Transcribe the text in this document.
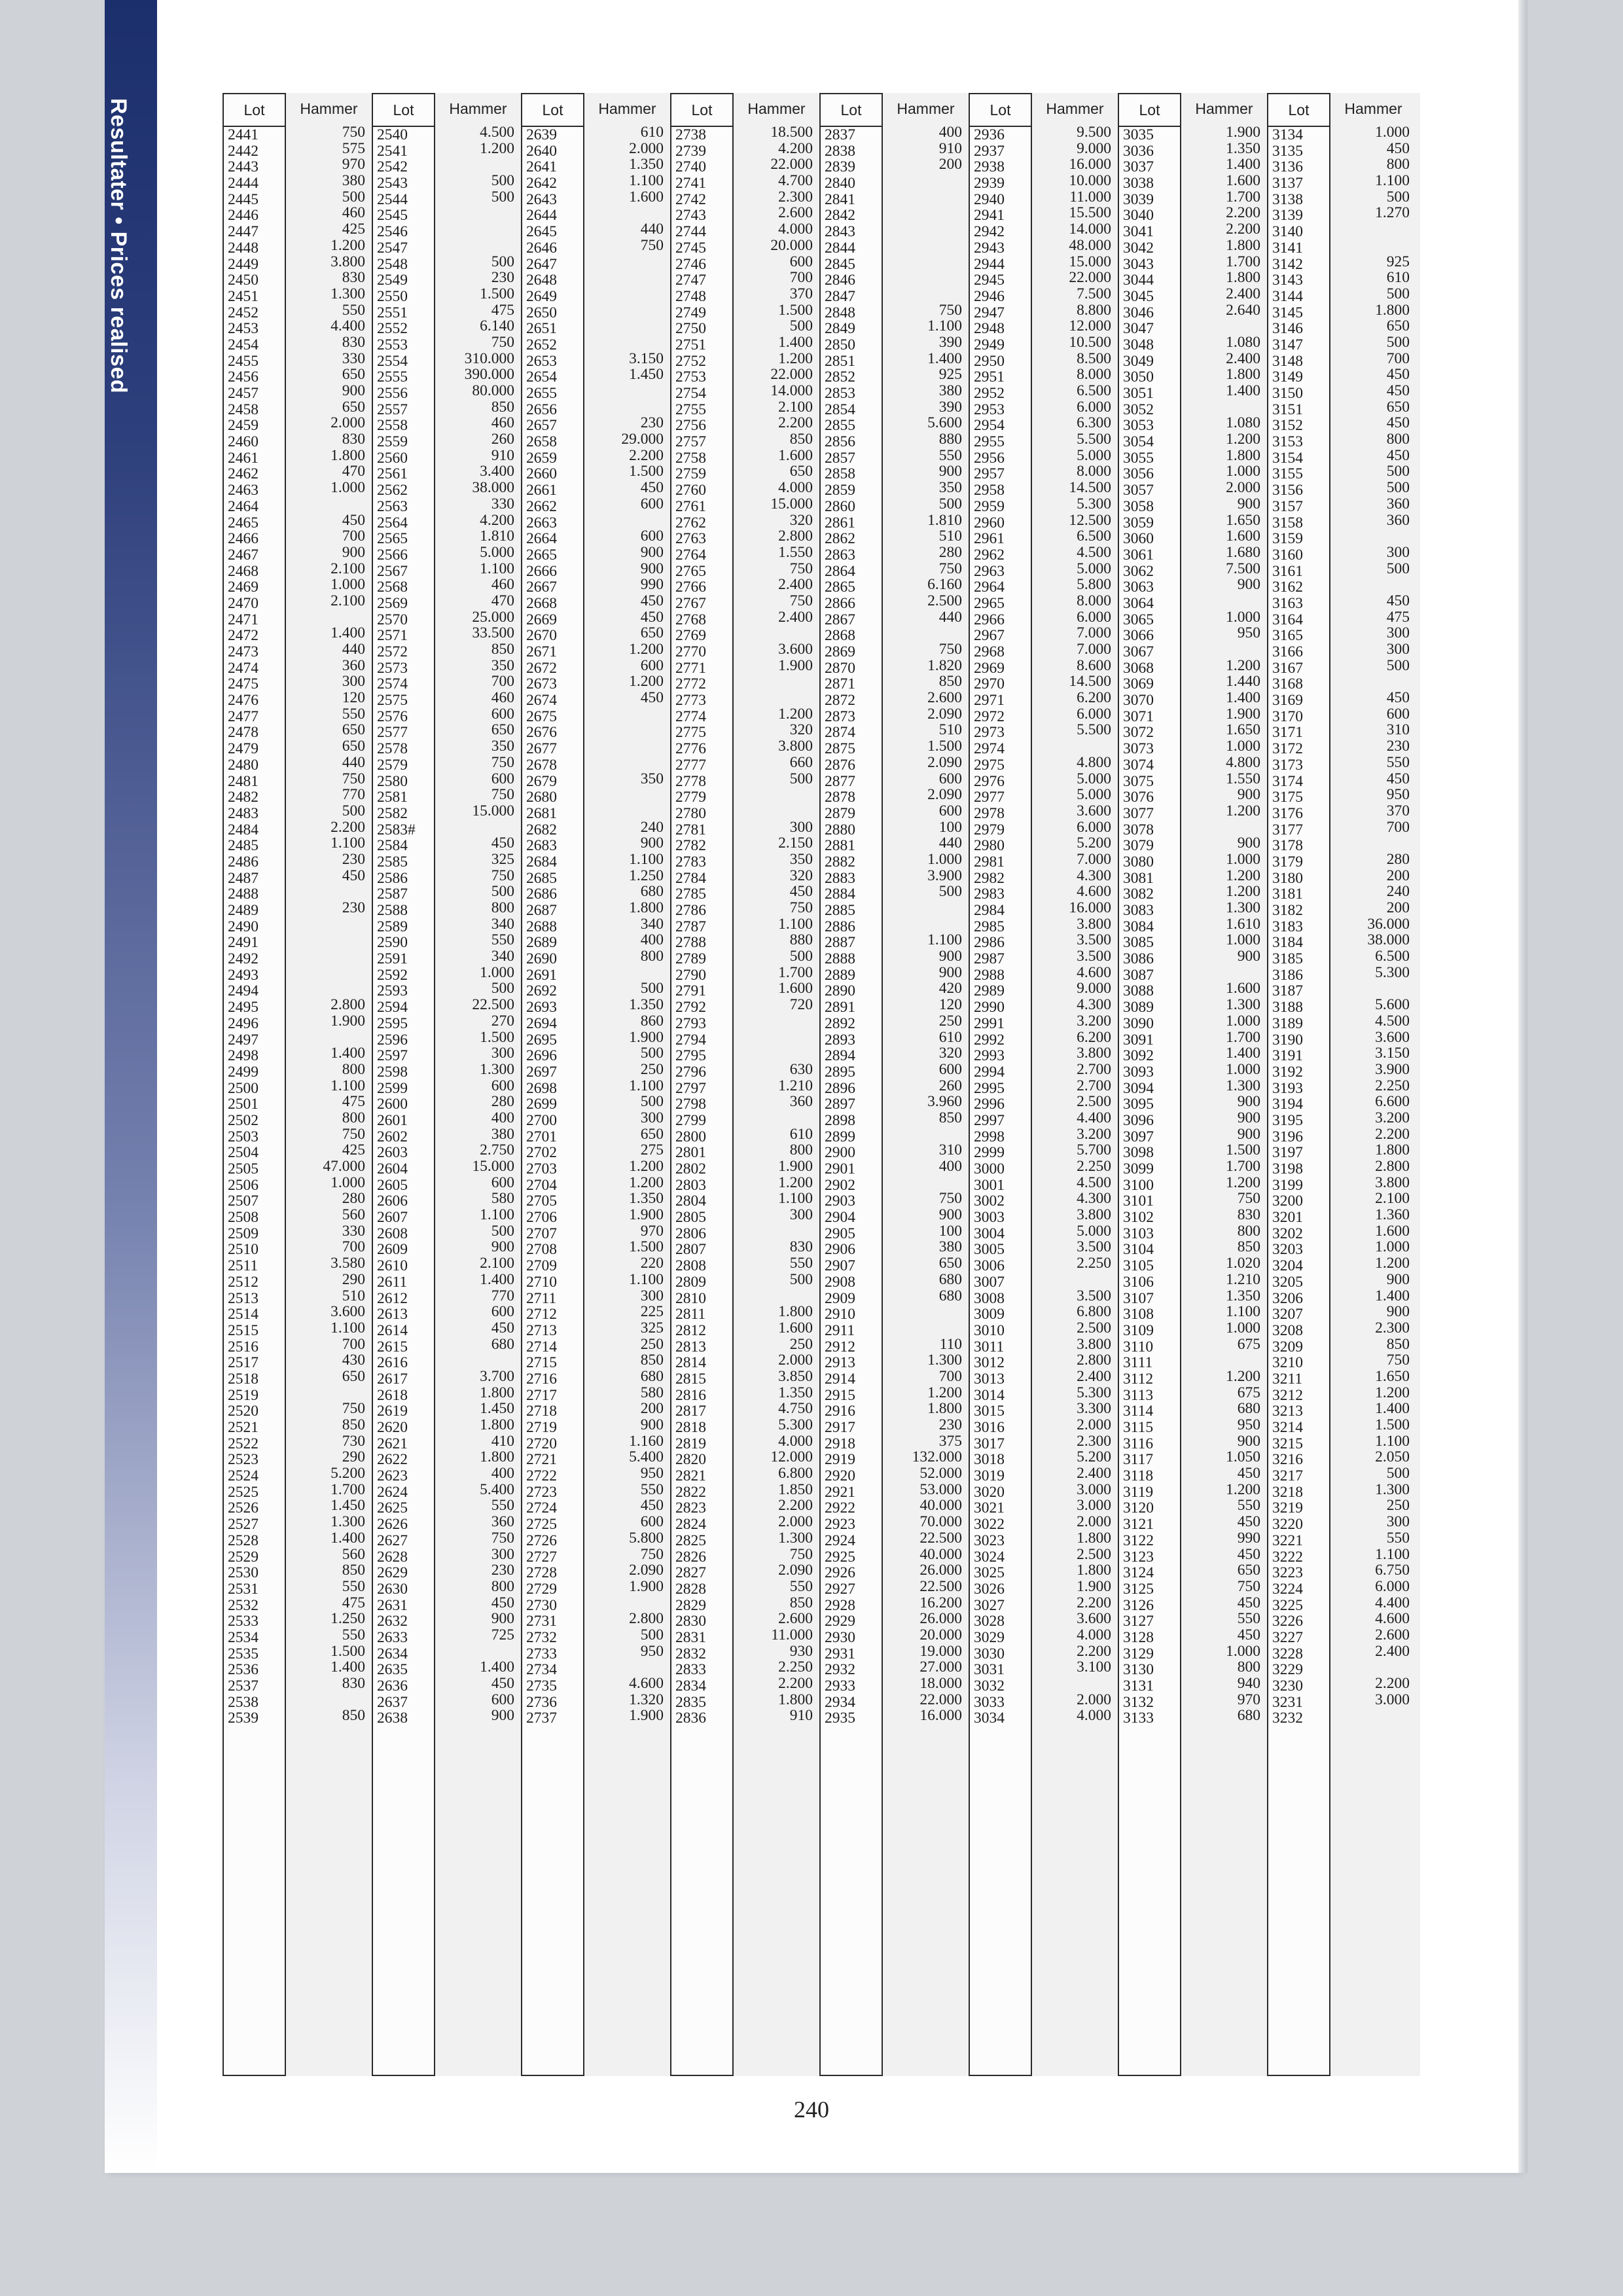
Resultater • Prices realised	Lot
2441
2442
2443
2444
2445
2446
2447
2448
2449
2450
2451
2452
2453
2454
2455
2456
2457
2458
2459
2460
2461
2462
2463
2464
2465
2466
2467
2468
2469
2470
2471
2472
2473
2474
2475
2476
2477
2478
2479
2480
2481
2482
2483
2484
2485
2486
2487
2488
2489
2490
2491
2492
2493
2494
2495
2496
2497
2498
2499
2500
2501
2502
2503
2504
2505
2506
2507
2508
2509
2510
2511
2512
2513
2514
2515
2516
2517
2518
2519
2520
2521
2522
2523
2524
2525
2526
2527
2528
2529
2530
2531
2532
2533
2534
2535
2536
2537
2538
2539
Hammer
750
575
970
380
500
460
425
1.200
3.800
830
1.300
550
4.400
830
330
650
900
650
2.000
830
1.800
470
1.000
450
700
900
2.100
1.000
2.100
1.400
440
360
300
120
550
650
650
440
750
770
500
2.200
1.100
230
450
230
2.800
1.900
1.400
800
1.100
475
800
750
425
47.000
1.000
280
560
330
700
3.580
290
510
3.600
1.100
700
430
650
750
850
730
290
5.200
1.700
1.450
1.300
1.400
560
850
550
475
1.250
550
1.500
1.400
830
850
Lot
2540
2541
2542
2543
2544
2545
2546
2547
2548
2549
2550
2551
2552
2553
2554
2555
2556
2557
2558
2559
2560
2561
2562
2563
2564
2565
2566
2567
2568
2569
2570
2571
2572
2573
2574
2575
2576
2577
2578
2579
2580
2581
2582
2583#
2584
2585
2586
2587
2588
2589
2590
2591
2592
2593
2594
2595
2596
2597
2598
2599
2600
2601
2602
2603
2604
2605
2606
2607
2608
2609
2610
2611
2612
2613
2614
2615
2616
2617
2618
2619
2620
2621
2622
2623
2624
2625
2626
2627
2628
2629
2630
2631
2632
2633
2634
2635
2636
2637
2638
Hammer
4.500
1.200
500
500
500
230
1.500
475
6.140
750
310.000
390.000
80.000
850
460
260
910
3.400
38.000
330
4.200
1.810
5.000
1.100
460
470
25.000
33.500
850
350
700
460
600
650
350
750
600
750
15.000
450
325
750
500
800
340
550
340
1.000
500
22.500
270
1.500
300
1.300
600
280
400
380
2.750
15.000
600
580
1.100
500
900
2.100
1.400
770
600
450
680
3.700
1.800
1.450
1.800
410
1.800
400
5.400
550
360
750
300
230
800
450
900
725
1.400
450
600
900
Lot
2639
2640
2641
2642
2643
2644
2645
2646
2647
2648
2649
2650
2651
2652
2653
2654
2655
2656
2657
2658
2659
2660
2661
2662
2663
2664
2665
2666
2667
2668
2669
2670
2671
2672
2673
2674
2675
2676
2677
2678
2679
2680
2681
2682
2683
2684
2685
2686
2687
2688
2689
2690
2691
2692
2693
2694
2695
2696
2697
2698
2699
2700
2701
2702
2703
2704
2705
2706
2707
2708
2709
2710
2711
2712
2713
2714
2715
2716
2717
2718
2719
2720
2721
2722
2723
2724
2725
2726
2727
2728
2729
2730
2731
2732
2733
2734
2735
2736
2737
Hammer
610
2.000
1.350
1.100
1.600
440
750
3.150
1.450
230
29.000
2.200
1.500
450
600
600
900
900
990
450
450
650
1.200
600
1.200
450
350
240
900
1.100
1.250
680
1.800
340
400
800
500
1.350
860
1.900
500
250
1.100
500
300
650
275
1.200
1.200
1.350
1.900
970
1.500
220
1.100
300
225
325
250
850
680
580
200
900
1.160
5.400
950
550
450
600
5.800
750
2.090
1.900
2.800
500
950
4.600
1.320
1.900
Lot
2738
2739
2740
2741
2742
2743
2744
2745
2746
2747
2748
2749
2750
2751
2752
2753
2754
2755
2756
2757
2758
2759
2760
2761
2762
2763
2764
2765
2766
2767
2768
2769
2770
2771
2772
2773
2774
2775
2776
2777
2778
2779
2780
2781
2782
2783
2784
2785
2786
2787
2788
2789
2790
2791
2792
2793
2794
2795
2796
2797
2798
2799
2800
2801
2802
2803
2804
2805
2806
2807
2808
2809
2810
2811
2812
2813
2814
2815
2816
2817
2818
2819
2820
2821
2822
2823
2824
2825
2826
2827
2828
2829
2830
2831
2832
2833
2834
2835
2836
Hammer
18.500
4.200
22.000
4.700
2.300
2.600
4.000
20.000
600
700
370
1.500
500
1.400
1.200
22.000
14.000
2.100
2.200
850
1.600
650
4.000
15.000
320
2.800
1.550
750
2.400
750
2.400
3.600
1.900
1.200
320
3.800
660
500
300
2.150
350
320
450
750
1.100
880
500
1.700
1.600
720
630
1.210
360
610
800
1.900
1.200
1.100
300
830
550
500
1.800
1.600
250
2.000
3.850
1.350
4.750
5.300
4.000
12.000
6.800
1.850
2.200
2.000
1.300
750
2.090
550
850
2.600
11.000
930
2.250
2.200
1.800
910
Lot
2837
2838
2839
2840
2841
2842
2843
2844
2845
2846
2847
2848
2849
2850
2851
2852
2853
2854
2855
2856
2857
2858
2859
2860
2861
2862
2863
2864
2865
2866
2867
2868
2869
2870
2871
2872
2873
2874
2875
2876
2877
2878
2879
2880
2881
2882
2883
2884
2885
2886
2887
2888
2889
2890
2891
2892
2893
2894
2895
2896
2897
2898
2899
2900
2901
2902
2903
2904
2905
2906
2907
2908
2909
2910
2911
2912
2913
2914
2915
2916
2917
2918
2919
2920
2921
2922
2923
2924
2925
2926
2927
2928
2929
2930
2931
2932
2933
2934
2935
Hammer
400
910
200
750
1.100
390
1.400
925
380
390
5.600
880
550
900
350
500
1.810
510
280
750
6.160
2.500
440
750
1.820
850
2.600
2.090
510
1.500
2.090
600
2.090
600
100
440
1.000
3.900
500
1.100
900
900
420
120
250
610
320
600
260
3.960
850
310
400
750
900
100
380
650
680
680
110
1.300
700
1.200
1.800
230
375
132.000
52.000
53.000
40.000
70.000
22.500
40.000
26.000
22.500
16.200
26.000
20.000
19.000
27.000
18.000
22.000
16.000
Lot
2936
2937
2938
2939
2940
2941
2942
2943
2944
2945
2946
2947
2948
2949
2950
2951
2952
2953
2954
2955
2956
2957
2958
2959
2960
2961
2962
2963
2964
2965
2966
2967
2968
2969
2970
2971
2972
2973
2974
2975
2976
2977
2978
2979
2980
2981
2982
2983
2984
2985
2986
2987
2988
2989
2990
2991
2992
2993
2994
2995
2996
2997
2998
2999
3000
3001
3002
3003
3004
3005
3006
3007
3008
3009
3010
3011
3012
3013
3014
3015
3016
3017
3018
3019
3020
3021
3022
3023
3024
3025
3026
3027
3028
3029
3030
3031
3032
3033
3034
Hammer
9.500
9.000
16.000
10.000
11.000
15.500
14.000
48.000
15.000
22.000
7.500
8.800
12.000
10.500
8.500
8.000
6.500
6.000
6.300
5.500
5.000
8.000
14.500
5.300
12.500
6.500
4.500
5.000
5.800
8.000
6.000
7.000
7.000
8.600
14.500
6.200
6.000
5.500
4.800
5.000
5.000
3.600
6.000
5.200
7.000
4.300
4.600
16.000
3.800
3.500
3.500
4.600
9.000
4.300
3.200
6.200
3.800
2.700
2.700
2.500
4.400
3.200
5.700
2.250
4.500
4.300
3.800
5.000
3.500
2.250
3.500
6.800
2.500
3.800
2.800
2.400
5.300
3.300
2.000
2.300
5.200
2.400
3.000
3.000
2.000
1.800
2.500
1.800
1.900
2.200
3.600
4.000
2.200
3.100
2.000
4.000
Lot
3035
3036
3037
3038
3039
3040
3041
3042
3043
3044
3045
3046
3047
3048
3049
3050
3051
3052
3053
3054
3055
3056
3057
3058
3059
3060
3061
3062
3063
3064
3065
3066
3067
3068
3069
3070
3071
3072
3073
3074
3075
3076
3077
3078
3079
3080
3081
3082
3083
3084
3085
3086
3087
3088
3089
3090
3091
3092
3093
3094
3095
3096
3097
3098
3099
3100
3101
3102
3103
3104
3105
3106
3107
3108
3109
3110
3111
3112
3113
3114
3115
3116
3117
3118
3119
3120
3121
3122
3123
3124
3125
3126
3127
3128
3129
3130
3131
3132
3133
Hammer
1.900
1.350
1.400
1.600
1.700
2.200
2.200
1.800
1.700
1.800
2.400
2.640
1.080
2.400
1.800
1.400
1.080
1.200
1.800
1.000
2.000
900
1.650
1.600
1.680
7.500
900
1.000
950
1.200
1.440
1.400
1.900
1.650
1.000
4.800
1.550
900
1.200
900
1.000
1.200
1.200
1.300
1.610
1.000
900
1.600
1.300
1.000
1.700
1.400
1.000
1.300
900
900
900
1.500
1.700
1.200
750
830
800
850
1.020
1.210
1.350
1.100
1.000
675
1.200
675
680
950
900
1.050
450
1.200
550
450
990
450
650
750
450
550
450
1.000
800
940
970
680
Lot
3134
3135
3136
3137
3138
3139
3140
3141
3142
3143
3144
3145
3146
3147
3148
3149
3150
3151
3152
3153
3154
3155
3156
3157
3158
3159
3160
3161
3162
3163
3164
3165
3166
3167
3168
3169
3170
3171
3172
3173
3174
3175
3176
3177
3178
3179
3180
3181
3182
3183
3184
3185
3186
3187
3188
3189
3190
3191
3192
3193
3194
3195
3196
3197
3198
3199
3200
3201
3202
3203
3204
3205
3206
3207
3208
3209
3210
3211
3212
3213
3214
3215
3216
3217
3218
3219
3220
3221
3222
3223
3224
3225
3226
3227
3228
3229
3230
3231
3232
Hammer
1.000
450
800
1.100
500
1.270
925
610
500
1.800
650
500
700
450
450
650
450
800
450
500
500
360
360
300
500
450
475
300
300
500
450
600
310
230
550
450
950
370
700
280
200
240
200
36.000
38.000
6.500
5.300
5.600
4.500
3.600
3.150
3.900
2.250
6.600
3.200
2.200
1.800
2.800
3.800
2.100
1.360
1.600
1.000
1.200
900
1.400
900
2.300
850
750
1.650
1.200
1.400
1.500
1.100
2.050
500
1.300
250
300
550
1.100
6.750
6.000
4.400
4.600
2.600
2.400
2.200
3.000
240
